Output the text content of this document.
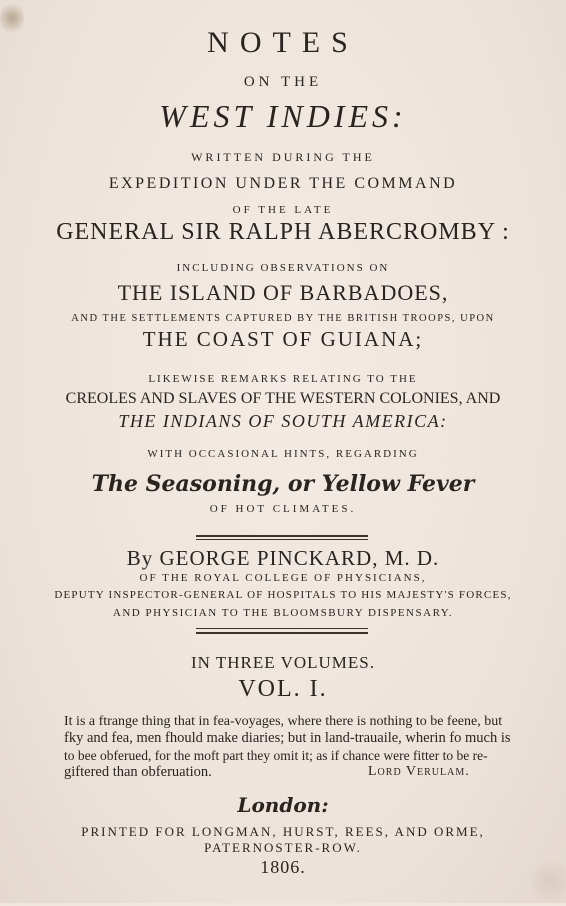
NOTES
ON THE
WEST INDIES:
WRITTEN DURING THE
EXPEDITION UNDER THE COMMAND
OF THE LATE
GENERAL SIR RALPH ABERCROMBY :
INCLUDING OBSERVATIONS ON
THE ISLAND OF BARBADOES,
AND THE SETTLEMENTS CAPTURED BY THE BRITISH TROOPS, UPON
THE COAST OF GUIANA;
LIKEWISE REMARKS RELATING TO THE
CREOLES AND SLAVES OF THE WESTERN COLONIES, AND
THE INDIANS OF SOUTH AMERICA:
WITH OCCASIONAL HINTS, REGARDING
The Seasoning, or Yellow Fever
OF HOT CLIMATES.
By GEORGE PINCKARD, M. D.
OF THE ROYAL COLLEGE OF PHYSICIANS,
DEPUTY INSPECTOR-GENERAL OF HOSPITALS TO HIS MAJESTY'S FORCES,
AND PHYSICIAN TO THE BLOOMSBURY DISPENSARY.
IN THREE VOLUMES.
VOL. I.
It is a ftrange thing that in fea-voyages, where there is nothing to be feene, but
fky and fea, men fhould make diaries; but in land-trauaile, wherin fo much is
to bee obferued, for the moft part they omit it; as if chance were fitter to be re-
giftered than obferuation.	Lord Verulam.
London:
PRINTED FOR LONGMAN, HURST, REES, AND ORME,
PATERNOSTER-ROW.
1806.
